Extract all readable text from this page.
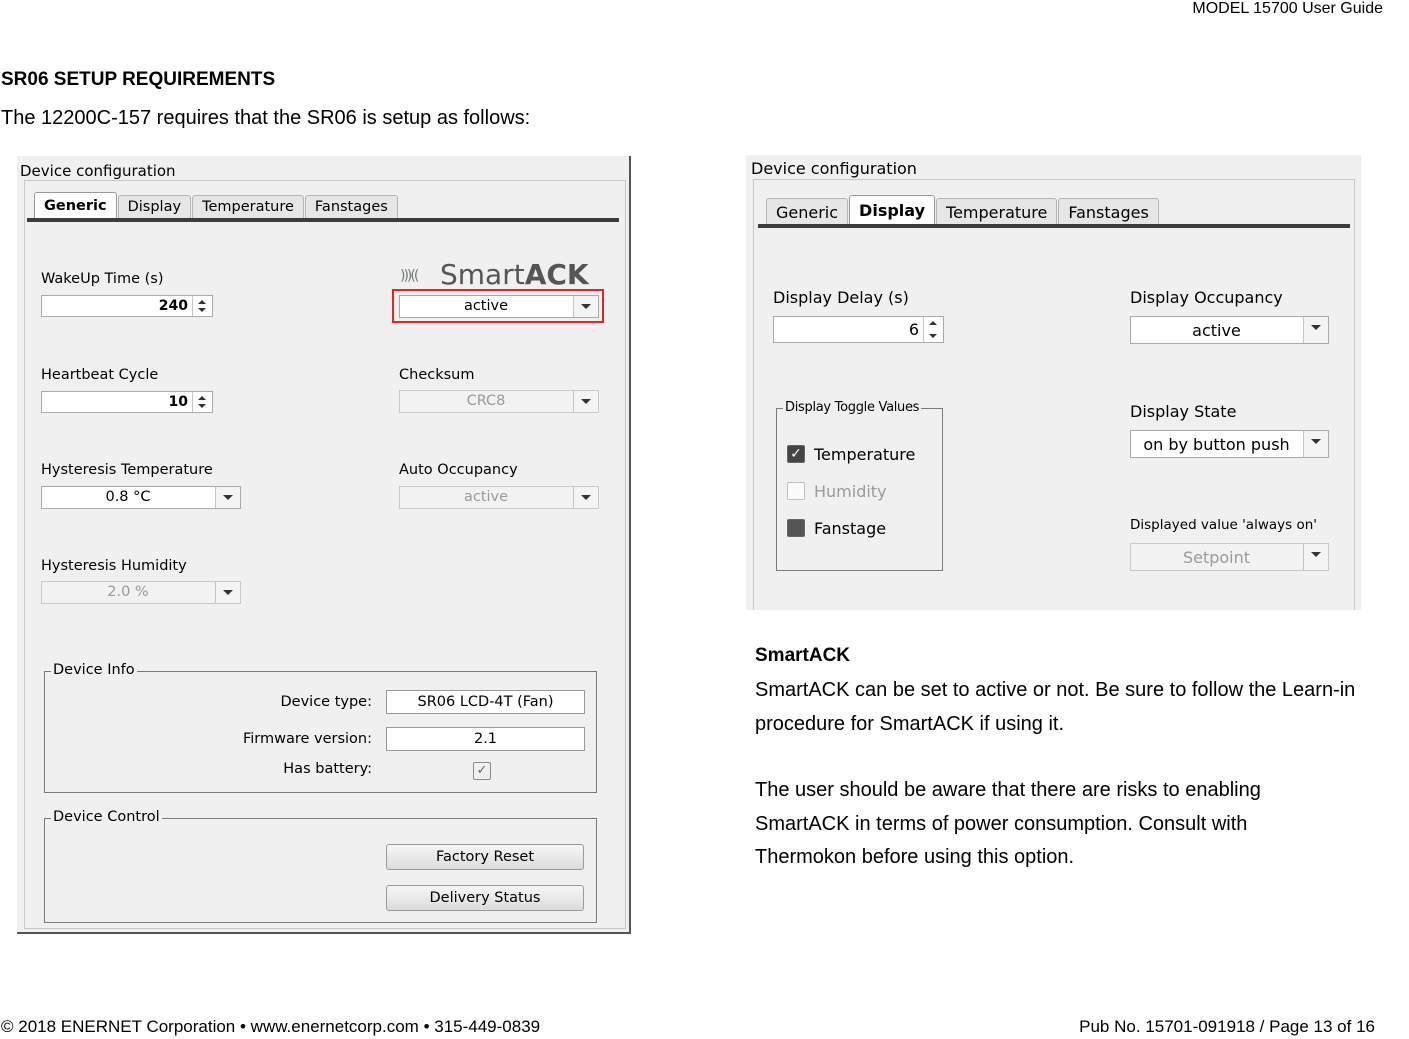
MODEL 15700 User Guide
SR06 SETUP REQUIREMENTS
The 12200C-157 requires that the SR06 is setup as follows:
Device configuration
Generic	Display	Temperature	Fanstages
WakeUp Time (s)
240
)))(( SmartACK
active
Heartbeat Cycle
10
Checksum
CRC8
Hysteresis Temperature
0.8 °C
Auto Occupancy
active
Hysteresis Humidity
2.0 %
Device Info
Device type:	SR06 LCD-4T (Fan)
Firmware version:	2.1
Has battery:	✓
Device Control
Factory Reset
Delivery Status
Device configuration
Generic	Display	Temperature	Fanstages
Display Delay (s)
6
Display Occupancy
active
Display Toggle Values
✓ Temperature
Humidity
Fanstage
Display State
on by button push
Displayed value 'always on'
Setpoint
SmartACK
SmartACK can be set to active or not. Be sure to follow the Learn-in procedure for SmartACK if using it.
The user should be aware that there are risks to enabling SmartACK in terms of power consumption. Consult with Thermokon before using this option.
© 2018 ENERNET Corporation • www.enernetcorp.com • 315-449-0839	Pub No. 15701-091918 / Page 13 of 16
